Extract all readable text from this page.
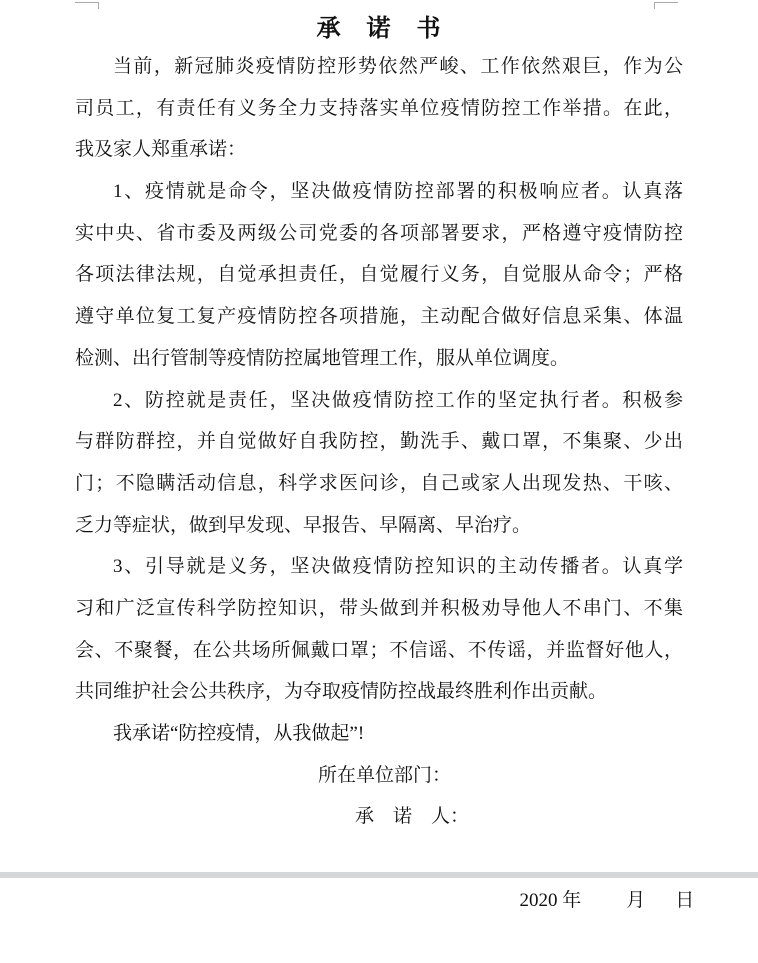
承　诺　书
当前，新冠肺炎疫情防控形势依然严峻、工作依然艰巨，作为公
司员工，有责任有义务全力支持落实单位疫情防控工作举措。在此，
我及家人郑重承诺：
1、疫情就是命令，坚决做疫情防控部署的积极响应者。认真落
实中央、省市委及两级公司党委的各项部署要求，严格遵守疫情防控
各项法律法规，自觉承担责任，自觉履行义务，自觉服从命令；严格
遵守单位复工复产疫情防控各项措施，主动配合做好信息采集、体温
检测、出行管制等疫情防控属地管理工作，服从单位调度。
2、防控就是责任，坚决做疫情防控工作的坚定执行者。积极参
与群防群控，并自觉做好自我防控，勤洗手、戴口罩，不集聚、少出
门；不隐瞒活动信息，科学求医问诊，自己或家人出现发热、干咳、
乏力等症状，做到早发现、早报告、早隔离、早治疗。
3、引导就是义务，坚决做疫情防控知识的主动传播者。认真学
习和广泛宣传科学防控知识，带头做到并积极劝导他人不串门、不集
会、不聚餐，在公共场所佩戴口罩；不信谣、不传谣，并监督好他人，
共同维护社会公共秩序，为夺取疫情防控战最终胜利作出贡献。
我承诺“防控疫情，从我做起”!
所在单位部门：
承　诺　人：

2020 年 月 日
